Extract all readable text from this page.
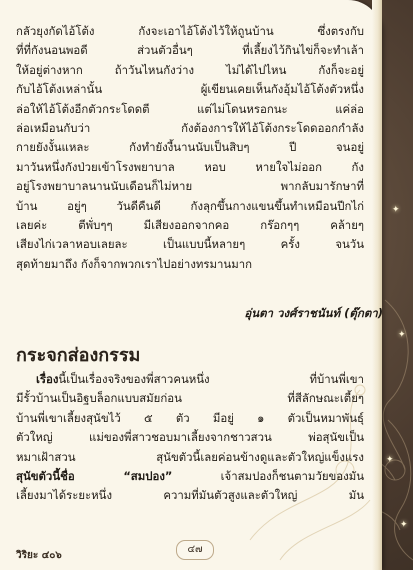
กลัวยุงกัดไอ้โต้ง กังจะเอาไอ้โต้งไว้ให้ถูนบ้าน ซึ่งตรงกับ
ที่ที่กังนอนพอดี ส่วนตัวอื่นๆ ที่เลี้ยงไว้กินไข่ก็จะทำเล้า
ให้อยู่ต่างหาก ถ้าวันไหนกังว่าง ไม่ได้ไปไหน กังก็จะอยู่
กับไอ้โต้งเหล่านั้น ผู้เขียนเคยเห็นกังอุ้มไอ้โต้งตัวหนึ่ง
ล่อให้ไอ้โต้งอีกตัวกระโดดตี แต่ไม่โดนหรอกนะ แค่ล่อ
ล่อเหมือนกับว่า กังต้องการให้ไอ้โต้งกระโดดออกกำลัง
กายยังงั้นแหละ กังทำยังงี้นานนับเป็นสิบๆ ปี จนอยู่
มาวันหนึ่งกังป่วยเข้าโรงพยาบาล หอบ หายใจไม่ออก กัง
อยู่โรงพยาบาลนานนับเดือนก็ไม่หาย พากลับมารักษาที่
บ้าน อยู่ๆ วันดีคืนดี กังลุกขึ้นกางแขนขึ้นทำเหมือนปีกไก่
เลยค่ะ ตีพั่บๆๆ มีเสียงออกจากคอ กร๊อกๆๆ คล้ายๆ
เสียงไก่เวลาหอบเลยละ เป็นแบบนี้หลายๆ ครั้ง จนวัน
สุดท้ายมาถึง กังก็จากพวกเราไปอย่างทรมานมาก
อุ่นตา วงศ์ราชนันท์ (ตุ๊กตา)
กระจกส่องกรรม
เรื่องนี้เป็นเรื่องจริงของพี่สาวคนหนึ่ง ที่บ้านพี่เขา
มีรั้วบ้านเป็นอิฐบล็อกแบบสมัยก่อน ที่สีลักษณะเตี้ยๆ
บ้านพี่เขาเลี้ยงสุนัขไว้ ๕ ตัว มีอยู่ ๑ ตัวเป็นหมาพันธุ์
ตัวใหญ่ แม่ของพี่สาวชอบมาเลี้ยงจากชาวสวน พ่อสุนัขเป็น
หมาเฝ้าสวน สุนัขตัวนี้เลยค่อนข้างดูและตัวใหญ่แข็งแรง
สุนัขตัวนี้ชื่อ “สมปอง” เจ้าสมปองก็ชนตามวัยของมัน
เลี้ยงมาได้ระยะหนึ่ง ความที่มันตัวสูงและตัวใหญ่ มัน
วิริยะ ๔๐๖
๔๗
✦
✦
✦
✦
